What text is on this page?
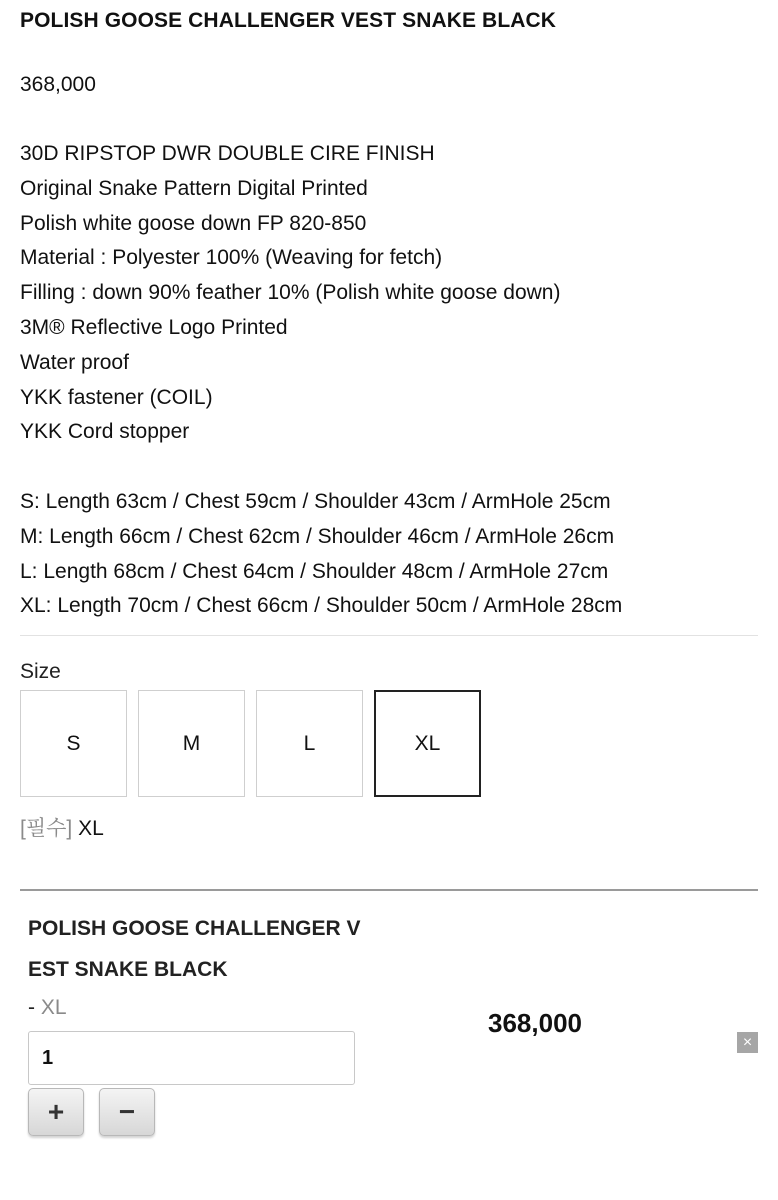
POLISH GOOSE CHALLENGER VEST SNAKE BLACK
368,000
30D RIPSTOP DWR DOUBLE CIRE FINISH
Original Snake Pattern Digital Printed
Polish white goose down FP 820-850
Material : Polyester 100% (Weaving for fetch)
Filling : down 90% feather 10% (Polish white goose down)
3M® Reflective Logo Printed
Water proof
YKK fastener (COIL)
YKK Cord stopper
S: Length 63cm / Chest 59cm / Shoulder 43cm / ArmHole 25cm
M: Length 66cm / Chest 62cm / Shoulder 46cm / ArmHole 26cm
L: Length 68cm / Chest 64cm / Shoulder 48cm / ArmHole 27cm
XL: Length 70cm / Chest 66cm / Shoulder 50cm / ArmHole 28cm
Size
S	M	L	XL
[필수] XL
POLISH GOOSE CHALLENGER VEST SNAKE BLACK
- XL
1
+	−
368,000
×
